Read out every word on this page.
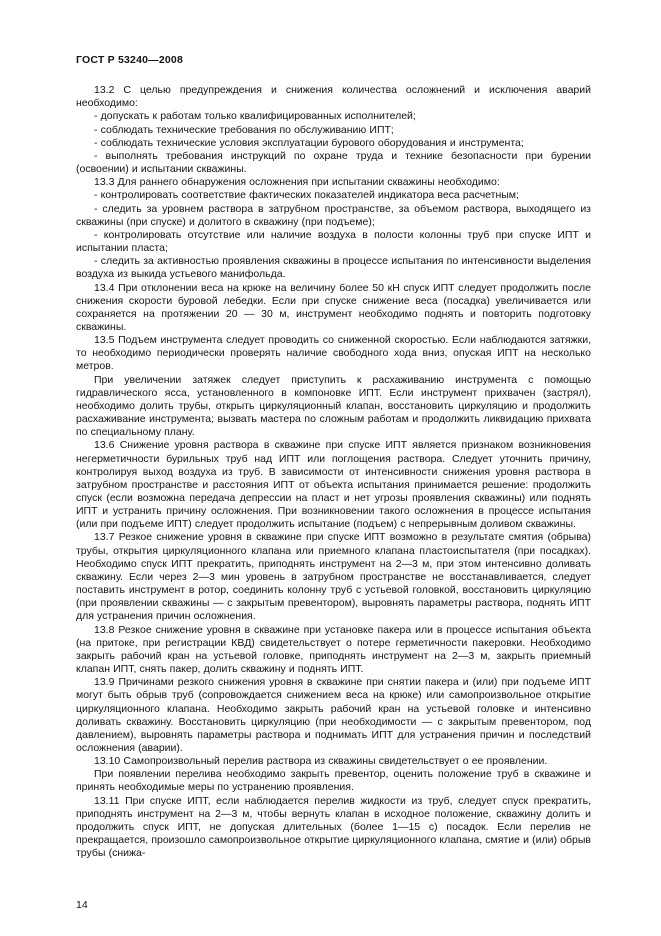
ГОСТ Р 53240—2008

13.2 С целью предупреждения и снижения количества осложнений и исключения аварий необходимо:

- допускать к работам только квалифицированных исполнителей;

- соблюдать технические требования по обслуживанию ИПТ;

- соблюдать технические условия эксплуатации бурового оборудования и инструмента;

- выполнять требования инструкций по охране труда и технике безопасности при бурении (освоении) и испытании скважины.

13.3 Для раннего обнаружения осложнения при испытании скважины необходимо:

- контролировать соответствие фактических показателей индикатора веса расчетным;

- следить за уровнем раствора в затрубном пространстве, за объемом раствора, выходящего из скважины (при спуске) и долитого в скважину (при подъеме);

- контролировать отсутствие или наличие воздуха в полости колонны труб при спуске ИПТ и испытании пласта;

- следить за активностью проявления скважины в процессе испытания по интенсивности выделения воздуха из выкида устьевого манифольда.

13.4 При отклонении веса на крюке на величину более 50 кН спуск ИПТ следует продолжить после снижения скорости буровой лебедки. Если при спуске снижение веса (посадка) увеличивается или сохраняется на протяжении 20 — 30 м, инструмент необходимо поднять и повторить подготовку скважины.

13.5 Подъем инструмента следует проводить со сниженной скоростью. Если наблюдаются затяжки, то необходимо периодически проверять наличие свободного хода вниз, опуская ИПТ на несколько метров.

При увеличении затяжек следует приступить к расхаживанию инструмента с помощью гидравлического ясса, установленного в компоновке ИПТ. Если инструмент прихвачен (застрял), необходимо долить трубы, открыть циркуляционный клапан, восстановить циркуляцию и продолжить расхаживание инструмента; вызвать мастера по сложным работам и продолжить ликвидацию прихвата по специальному плану.

13.6 Снижение уровня раствора в скважине при спуске ИПТ является признаком возникновения негерметичности бурильных труб над ИПТ или поглощения раствора. Следует уточнить причину, контролируя выход воздуха из труб. В зависимости от интенсивности снижения уровня раствора в затрубном пространстве и расстояния ИПТ от объекта испытания принимается решение: продолжить спуск (если возможна передача депрессии на пласт и нет угрозы проявления скважины) или поднять ИПТ и устранить причину осложнения. При возникновении такого осложнения в процессе испытания (или при подъеме ИПТ) следует продолжить испытание (подъем) с непрерывным доливом скважины.

13.7 Резкое снижение уровня в скважине при спуске ИПТ возможно в результате смятия (обрыва) трубы, открытия циркуляционного клапана или приемного клапана пластоиспытателя (при посадках). Необходимо спуск ИПТ прекратить, приподнять инструмент на 2—3 м, при этом интенсивно доливать скважину. Если через 2—3 мин уровень в затрубном пространстве не восстанавливается, следует поставить инструмент в ротор, соединить колонну труб с устьевой головкой, восстановить циркуляцию (при проявлении скважины — с закрытым превентором), выровнять параметры раствора, поднять ИПТ для устранения причин осложнения.

13.8 Резкое снижение уровня в скважине при установке пакера или в процессе испытания объекта (на притоке, при регистрации КВД) свидетельствует о потере герметичности пакеровки. Необходимо закрыть рабочий кран на устьевой головке, приподнять инструмент на 2—3 м, закрыть приемный клапан ИПТ, снять пакер, долить скважину и поднять ИПТ.

13.9 Причинами резкого снижения уровня в скважине при снятии пакера и (или) при подъеме ИПТ могут быть обрыв труб (сопровождается снижением веса на крюке) или самопроизвольное открытие циркуляционного клапана. Необходимо закрыть рабочий кран на устьевой головке и интенсивно доливать скважину. Восстановить циркуляцию (при необходимости — с закрытым превентором, под давлением), выровнять параметры раствора и поднимать ИПТ для устранения причин и последствий осложнения (аварии).

13.10 Самопроизвольный перелив раствора из скважины свидетельствует о ее проявлении.

При появлении перелива необходимо закрыть превентор, оценить положение труб в скважине и принять необходимые меры по устранению проявления.

13.11 При спуске ИПТ, если наблюдается перелив жидкости из труб, следует спуск прекратить, приподнять инструмент на 2—3 м, чтобы вернуть клапан в исходное положение, скважину долить и продолжить спуск ИПТ, не допуская длительных (более 1—15 с) посадок. Если перелив не прекращается, произошло самопроизвольное открытие циркуляционного клапана, смятие и (или) обрыв трубы (снижа-

14
